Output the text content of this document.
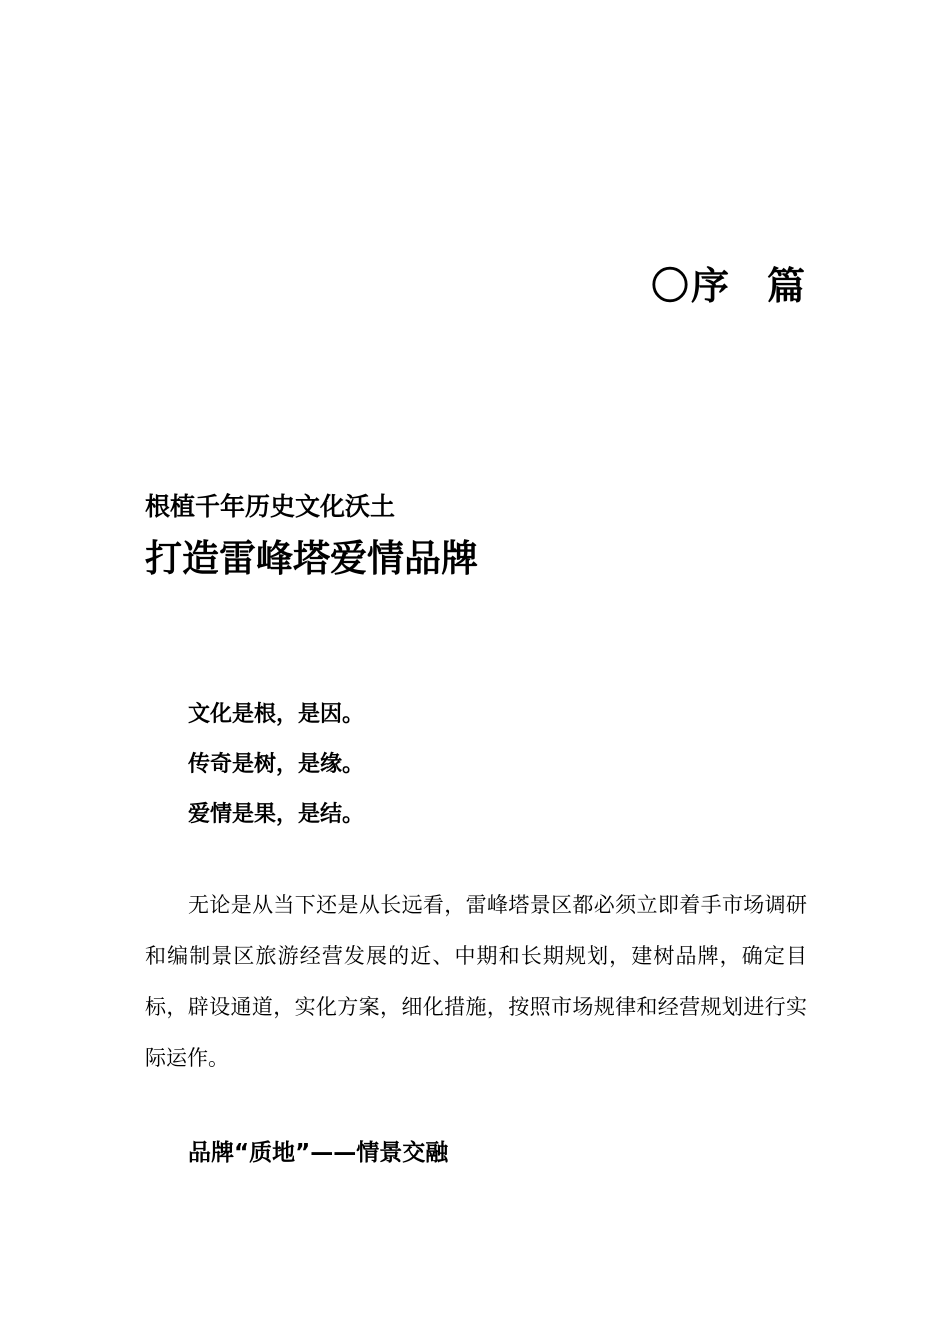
〇序 篇
根植千年历史文化沃土
打造雷峰塔爱情品牌
文化是根，是因。
传奇是树，是缘。
爱情是果，是结。

无论是从当下还是从长远看，雷峰塔景区都必须立即着手市场调研和编制景区旅游经营发展的近、中期和长期规划，建树品牌，确定目标，辟设通道，实化方案，细化措施，按照市场规律和经营规划进行实际运作。

品牌“质地”——情景交融
